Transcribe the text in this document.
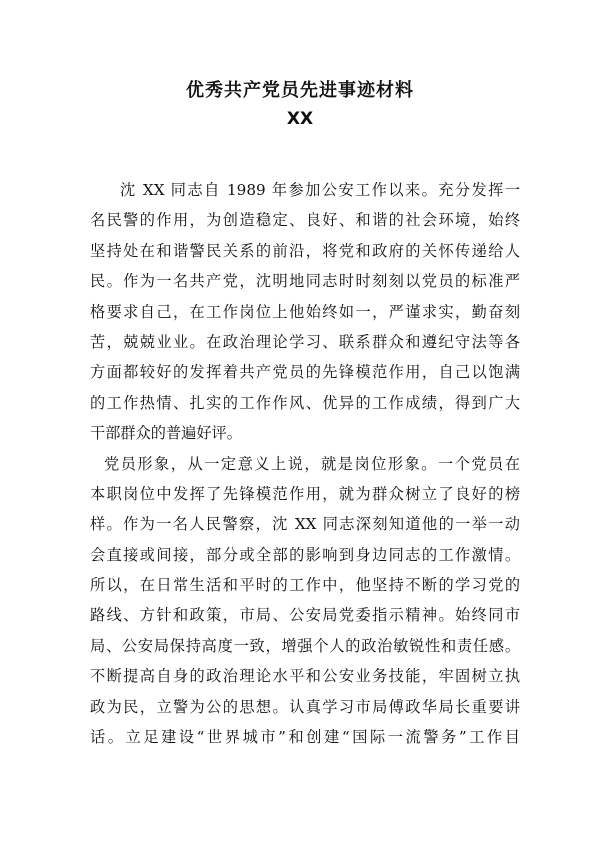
优秀共产党员先进事迹材料
XX
沈 XX 同志自 1989 年参加公安工作以来。充分发挥一
名民警的作用，为创造稳定、良好、和谐的社会环境，始终
坚持处在和谐警民关系的前沿，将党和政府的关怀传递给人
民。作为一名共产党，沈明地同志时时刻刻以党员的标准严
格要求自己，在工作岗位上他始终如一，严谨求实，勤奋刻
苦，兢兢业业。在政治理论学习、联系群众和遵纪守法等各
方面都较好的发挥着共产党员的先锋模范作用，自己以饱满
的工作热情、扎实的工作作风、优异的工作成绩，得到广大
干部群众的普遍好评。
党员形象，从一定意义上说，就是岗位形象。一个党员在
本职岗位中发挥了先锋模范作用，就为群众树立了良好的榜
样。作为一名人民警察，沈 XX 同志深刻知道他的一举一动
会直接或间接，部分或全部的影响到身边同志的工作激情。
所以，在日常生活和平时的工作中，他坚持不断的学习党的
路线、方针和政策，市局、公安局党委指示精神。始终同市
局、公安局保持高度一致，增强个人的政治敏锐性和责任感。
不断提高自身的政治理论水平和公安业务技能，牢固树立执
政为民，立警为公的思想。认真学习市局傅政华局长重要讲
话。立足建设“世界城市”和创建“国际一流警务”工作目
